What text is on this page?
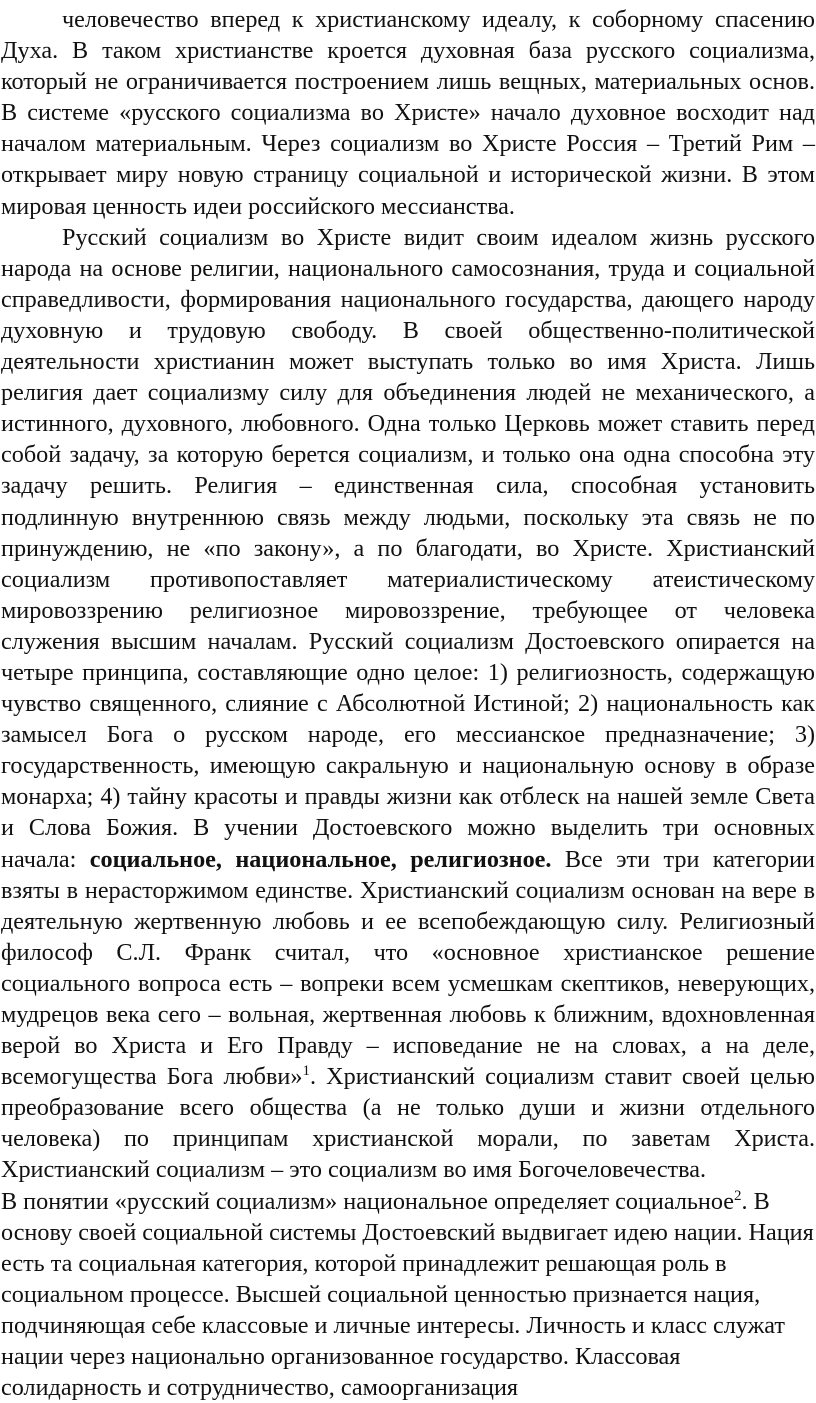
человечество вперед к христианскому идеалу, к соборному спасению Духа. В таком христианстве кроется духовная база русского социализма, который не ограничивается построением лишь вещных, материальных основ. В системе «русского социализма во Христе» начало духовное восходит над началом материальным. Через социализм во Христе Россия – Третий Рим – открывает миру новую страницу социальной и исторической жизни. В этом мировая ценность идеи российского мессианства.

Русский социализм во Христе видит своим идеалом жизнь русского народа на основе религии, национального самосознания, труда и социальной справедливости, формирования национального государства, дающего народу духовную и трудовую свободу. В своей общественно-политической деятельности христианин может выступать только во имя Христа. Лишь религия дает социализму силу для объединения людей не механического, а истинного, духовного, любовного. Одна только Церковь может ставить перед собой задачу, за которую берется социализм, и только она одна способна эту задачу решить. Религия – единственная сила, способная установить подлинную внутреннюю связь между людьми, поскольку эта связь не по принуждению, не «по закону», а по благодати, во Христе. Христианский социализм противопоставляет материалистическому атеистическому мировоззрению религиозное мировоззрение, требующее от человека служения высшим началам. Русский социализм Достоевского опирается на четыре принципа, составляющие одно целое: 1) религиозность, содержащую чувство священного, слияние с Абсолютной Истиной; 2) национальность как замысел Бога о русском народе, его мессианское предназначение; 3) государственность, имеющую сакральную и национальную основу в образе монарха; 4) тайну красоты и правды жизни как отблеск на нашей земле Света и Слова Божия. В учении Достоевского можно выделить три основных начала: социальное, национальное, религиозное. Все эти три категории взяты в нерасторжимом единстве. Христианский социализм основан на вере в деятельную жертвенную любовь и ее всепобеждающую силу. Религиозный философ С.Л. Франк считал, что «основное христианское решение социального вопроса есть – вопреки всем усмешкам скептиков, неверующих, мудрецов века сего – вольная, жертвенная любовь к ближним, вдохновленная верой во Христа и Его Правду – исповедание не на словах, а на деле, всемогущества Бога любви»$^1$. Христианский социализм ставит своей целью преобразование всего общества (а не только души и жизни отдельного человека) по принципам христианской морали, по заветам Христа. Христианский социализм – это социализм во имя Богочеловечества.

В понятии «русский социализм» национальное определяет социальное$^2$. В основу своей социальной системы Достоевский выдвигает идею нации. Нация есть та социальная категория, которой принадлежит решающая роль в социальном процессе. Высшей социальной ценностью признается нация, подчиняющая себе классовые и личные интересы. Личность и класс служат нации через национально организованное государство. Классовая солидарность и сотрудничество, самоорганизация
